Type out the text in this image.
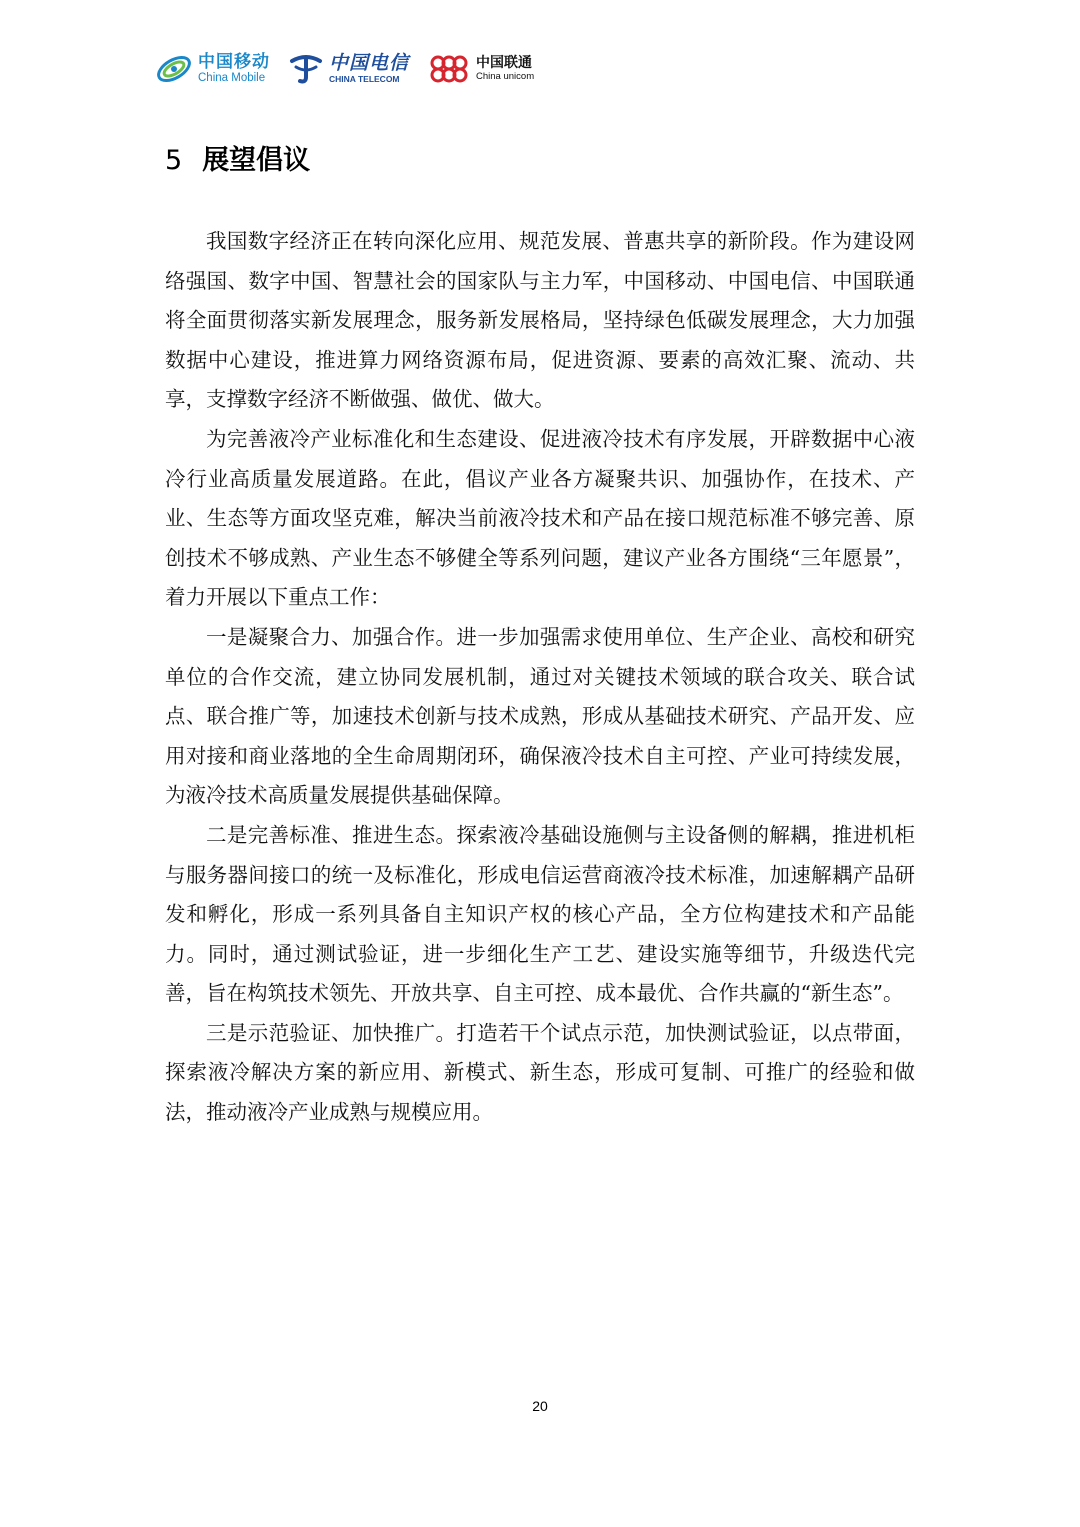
中国移动
China Mobile
中国电信
CHINA TELECOM
中国联通
China unicom
5 展望倡议

我国数字经济正在转向深化应用、规范发展、普惠共享的新阶段。作为建设网络强国、数字中国、智慧社会的国家队与主力军，中国移动、中国电信、中国联通将全面贯彻落实新发展理念，服务新发展格局，坚持绿色低碳发展理念，大力加强数据中心建设，推进算力网络资源布局，促进资源、要素的高效汇聚、流动、共享，支撑数字经济不断做强、做优、做大。

为完善液冷产业标准化和生态建设、促进液冷技术有序发展，开辟数据中心液冷行业高质量发展道路。在此，倡议产业各方凝聚共识、加强协作，在技术、产业、生态等方面攻坚克难，解决当前液冷技术和产品在接口规范标准不够完善、原创技术不够成熟、产业生态不够健全等系列问题，建议产业各方围绕“三年愿景”，着力开展以下重点工作：

一是凝聚合力、加强合作。进一步加强需求使用单位、生产企业、高校和研究单位的合作交流，建立协同发展机制，通过对关键技术领域的联合攻关、联合试点、联合推广等，加速技术创新与技术成熟，形成从基础技术研究、产品开发、应用对接和商业落地的全生命周期闭环，确保液冷技术自主可控、产业可持续发展，为液冷技术高质量发展提供基础保障。

二是完善标准、推进生态。探索液冷基础设施侧与主设备侧的解耦，推进机柜与服务器间接口的统一及标准化，形成电信运营商液冷技术标准，加速解耦产品研发和孵化，形成一系列具备自主知识产权的核心产品，全方位构建技术和产品能力。同时，通过测试验证，进一步细化生产工艺、建设实施等细节，升级迭代完善，旨在构筑技术领先、开放共享、自主可控、成本最优、合作共赢的“新生态”。

三是示范验证、加快推广。打造若干个试点示范，加快测试验证，以点带面，探索液冷解决方案的新应用、新模式、新生态，形成可复制、可推广的经验和做法，推动液冷产业成熟与规模应用。

20
